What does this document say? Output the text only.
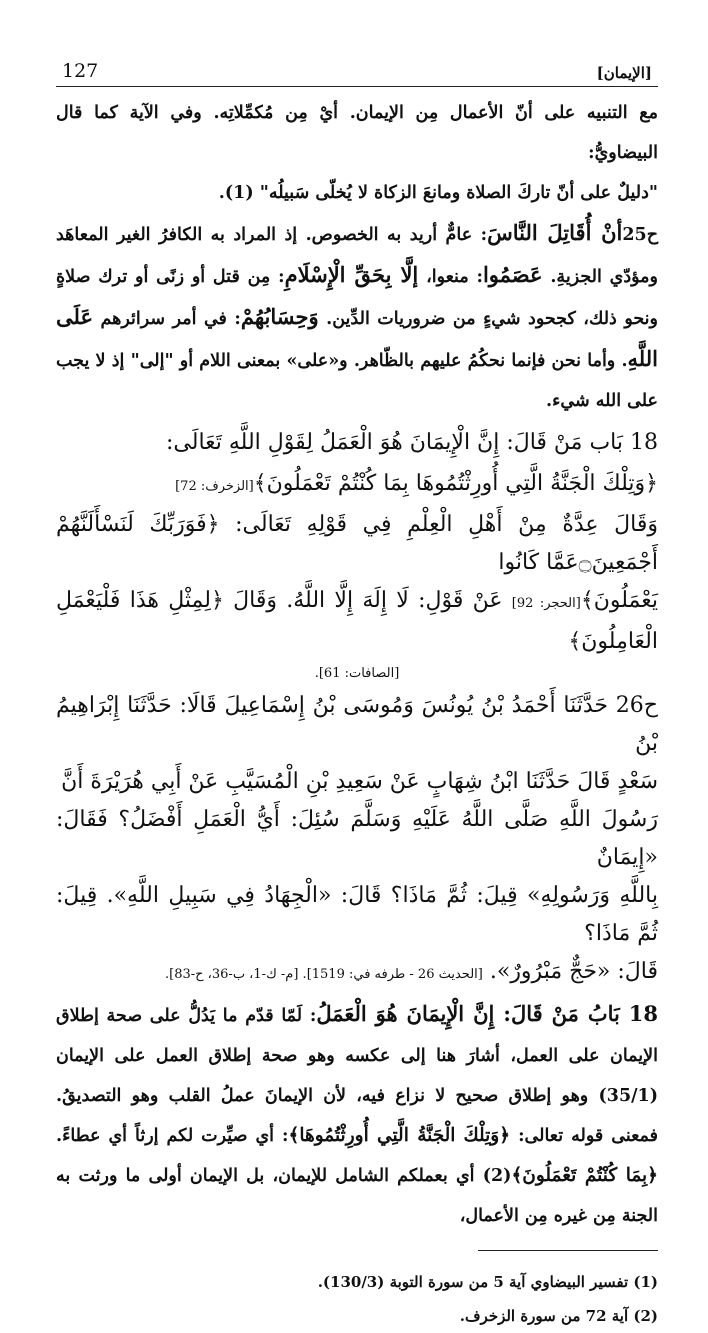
127	[الإيمان]

مع التنبيه على أنّ الأعمال مِن الإيمان. أيْ مِن مُكمِّلاتِه. وفي الآية كما قال البيضاويُّ:

"دليلٌ على أنّ تاركَ الصلاة ومانعَ الزكاة لا يُخلّى سَبيلُه" (1).

ح25أنْ أُقَاتِلَ النَّاسَ: عامٌّ أريد به الخصوص. إذ المراد به الكافرُ الغير المعاهَد ومؤدّي الجزيةِ. عَصَمُوا: منعوا، إلَّا بِحَقِّ الْإِسْلَامِ: مِن قتل أو زنًى أو ترك صلاةٍ ونحو ذلك، كجحود شيءٍ من ضروريات الدِّين. وَحِسَابُهُمْ: في أمر سرائرهم عَلَى اللَّهِ. وأما نحن فإنما نحكُمُ عليهم بالظّاهر. و«على» بمعنى اللام أو "إلى" إذ لا يجب على الله شيء.

18 بَاب مَنْ قَالَ: إِنَّ الْإِيمَانَ هُوَ الْعَمَلُ لِقَوْلِ اللَّهِ تَعَالَى:

﴿وَتِلْكَ الْجَنَّةُ الَّتِي أُورِثْتُمُوهَا بِمَا كُنْتُمْ تَعْمَلُونَ﴾[الزخرف: 72]

وَقَالَ عِدَّةٌ مِنْ أَهْلِ الْعِلْمِ فِي قَوْلِهِ تَعَالَى: ﴿فَوَرَبِّكَ لَنَسْأَلَنَّهُمْ أَجْمَعِينَ۝عَمَّا كَانُوا

يَعْمَلُونَ﴾[الحجر: 92] عَنْ قَوْلِ: لَا إِلَهَ إِلَّا اللَّهُ. وَقَالَ ﴿لِمِثْلِ هَذَا فَلْيَعْمَلِ الْعَامِلُونَ﴾

[الصافات: 61].

ح26 حَدَّثَنَا أَحْمَدُ بْنُ يُونُسَ وَمُوسَى بْنُ إِسْمَاعِيلَ قَالَا: حَدَّثَنَا إِبْرَاهِيمُ بْنُ

سَعْدٍ قَالَ حَدَّثَنَا ابْنُ شِهَابٍ عَنْ سَعِيدِ بْنِ الْمُسَيَّبِ عَنْ أَبِي هُرَيْرَةَ أَنَّ

رَسُولَ اللَّهِ صَلَّى اللَّهُ عَلَيْهِ وَسَلَّمَ سُئِلَ: أَيُّ الْعَمَلِ أَفْضَلُ؟ فَقَالَ: «إِيمَانٌ

بِاللَّهِ وَرَسُولِهِ» قِيلَ: ثُمَّ مَاذَا؟ قَالَ: «الْجِهَادُ فِي سَبِيلِ اللَّهِ». قِيلَ: ثُمَّ مَاذَا؟

قَالَ: «حَجٌّ مَبْرُورٌ». [الحديث 26 - طرفه في: 1519]. [م- ك-1، ب-36، ح-83].

18 بَابُ مَنْ قَالَ: إِنَّ الْإِيمَانَ هُوَ الْعَمَلُ: لَمّا قدّم ما يَدُلُّ على صحة إطلاق الإيمان على العمل، أشارَ هنا إلى عكسه وهو صحة إطلاق العمل على الإيمان (35/1) وهو إطلاق صحيح لا نزاع فيه، لأن الإيمانَ عملُ القلب وهو التصديقُ. فمعنى قوله تعالى: ﴿وَتِلْكَ الْجَنَّةُ الَّتِي أُورِثْتُمُوهَا﴾: أي صيِّرت لكم إرثاً أي عطاءً. ﴿بِمَا كُنْتُمْ تَعْمَلُونَ﴾(2) أي بعملكم الشامل للإيمان، بل الإيمان أولى ما ورثت به الجنة مِن غيره مِن الأعمال،

(1) تفسير البيضاوي آية 5 من سورة التوبة (130/3).

(2) آية 72 من سورة الزخرف.
